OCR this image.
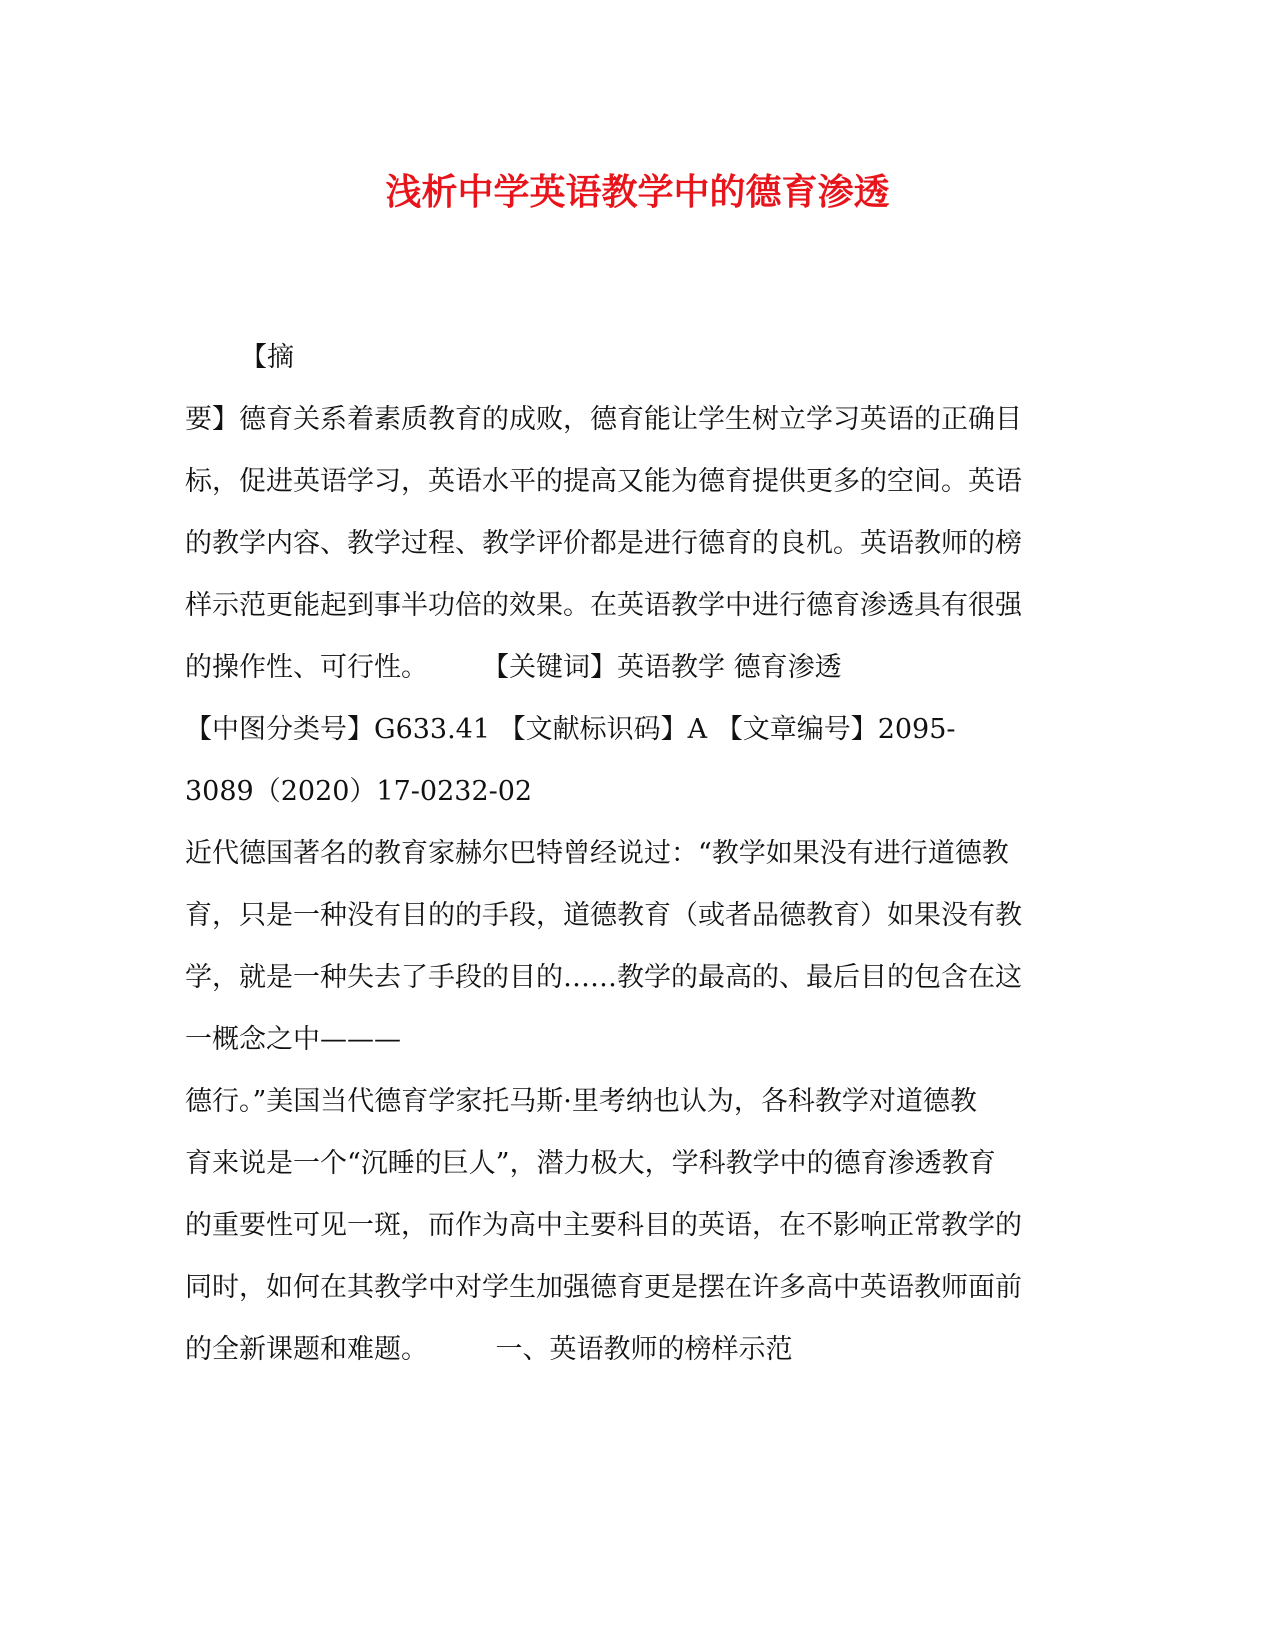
浅析中学英语教学中的德育渗透

【摘

要】德育关系着素质教育的成败，德育能让学生树立学习英语的正确目

标，促进英语学习，英语水平的提高又能为德育提供更多的空间。英语

的教学内容、教学过程、教学评价都是进行德育的良机。英语教师的榜

样示范更能起到事半功倍的效果。在英语教学中进行德育渗透具有很强

的操作性、可行性。　　　【关键词】英语教学 德育渗透

【中图分类号】G633.41 【文献标识码】A 【文章编号】2095-

3089（2020）17-0232-02

近代德国著名的教育家赫尔巴特曾经说过：“教学如果没有进行道德教

育，只是一种没有目的的手段，道德教育（或者品德教育）如果没有教

学，就是一种失去了手段的目的……教学的最高的、最后目的包含在这

一概念之中———

德行。”美国当代德育学家托马斯·里考纳也认为，各科教学对道德教

育来说是一个“沉睡的巨人”，潜力极大，学科教学中的德育渗透教育

的重要性可见一斑，而作为高中主要科目的英语，在不影响正常教学的

同时，如何在其教学中对学生加强德育更是摆在许多高中英语教师面前

的全新课题和难题。　　　一、英语教师的榜样示范
